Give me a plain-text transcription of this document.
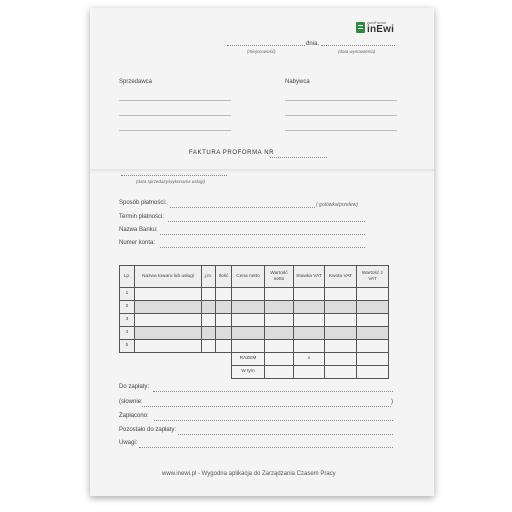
zumFormo
inEwi
dnia,
(miejscowość)	(data wystawienia)
Sprzedawca	Nabywca
FAKTURA PROFORMA NR
(data sprzedaży/wykonania usługi)
Sposób płatności:	( gotówka/przelew)
Termin płatności:
Nazwa Banku:
Numer konta:
Lp.	Nazwa towaru lub usługi	j.m.	Ilość	Cena netto	Wartość netto	Stawka VAT	Kwota VAT	Wartość z VAT
1								
2								
3								
4								
5								
				RAZEM		x		
				W tym				
Do zapłaty:
(słownie:	)
Zapłacono:
Pozostało do zapłaty:
Uwagi:
www.inewi.pl - Wygodna aplikacja do Zarządzania Czasem Pracy
